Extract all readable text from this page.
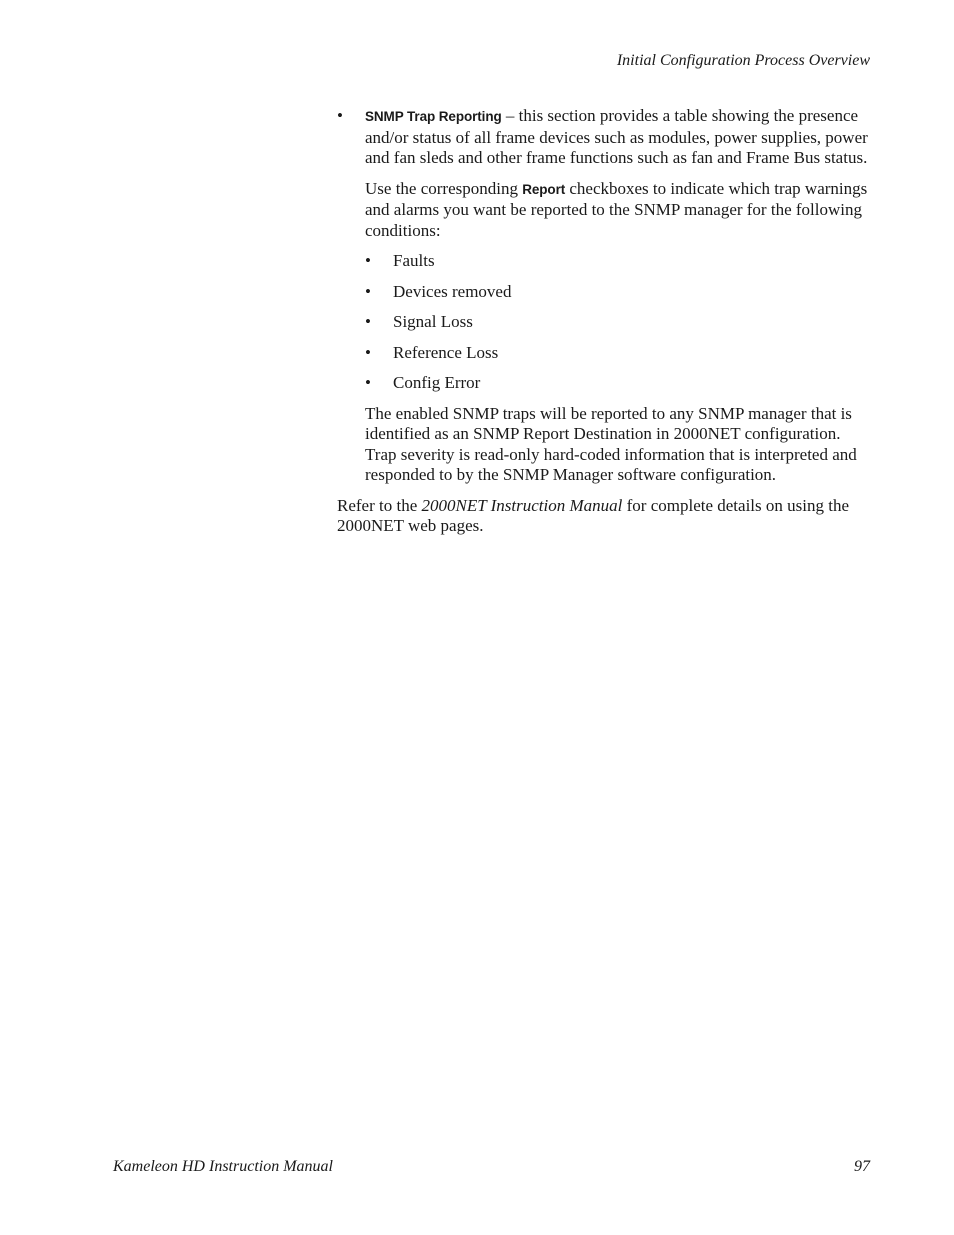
Initial Configuration Process Overview
• SNMP Trap Reporting – this section provides a table showing the presence and/or status of all frame devices such as modules, power supplies, power and fan sleds and other frame functions such as fan and Frame Bus status.

Use the corresponding Report checkboxes to indicate which trap warnings and alarms you want be reported to the SNMP manager for the following conditions:

• Faults
• Devices removed
• Signal Loss
• Reference Loss
• Config Error

The enabled SNMP traps will be reported to any SNMP manager that is identified as an SNMP Report Destination in 2000NET configuration. Trap severity is read-only hard-coded information that is interpreted and responded to by the SNMP Manager software configuration.

Refer to the 2000NET Instruction Manual for complete details on using the 2000NET web pages.

Kameleon HD Instruction Manual	97
